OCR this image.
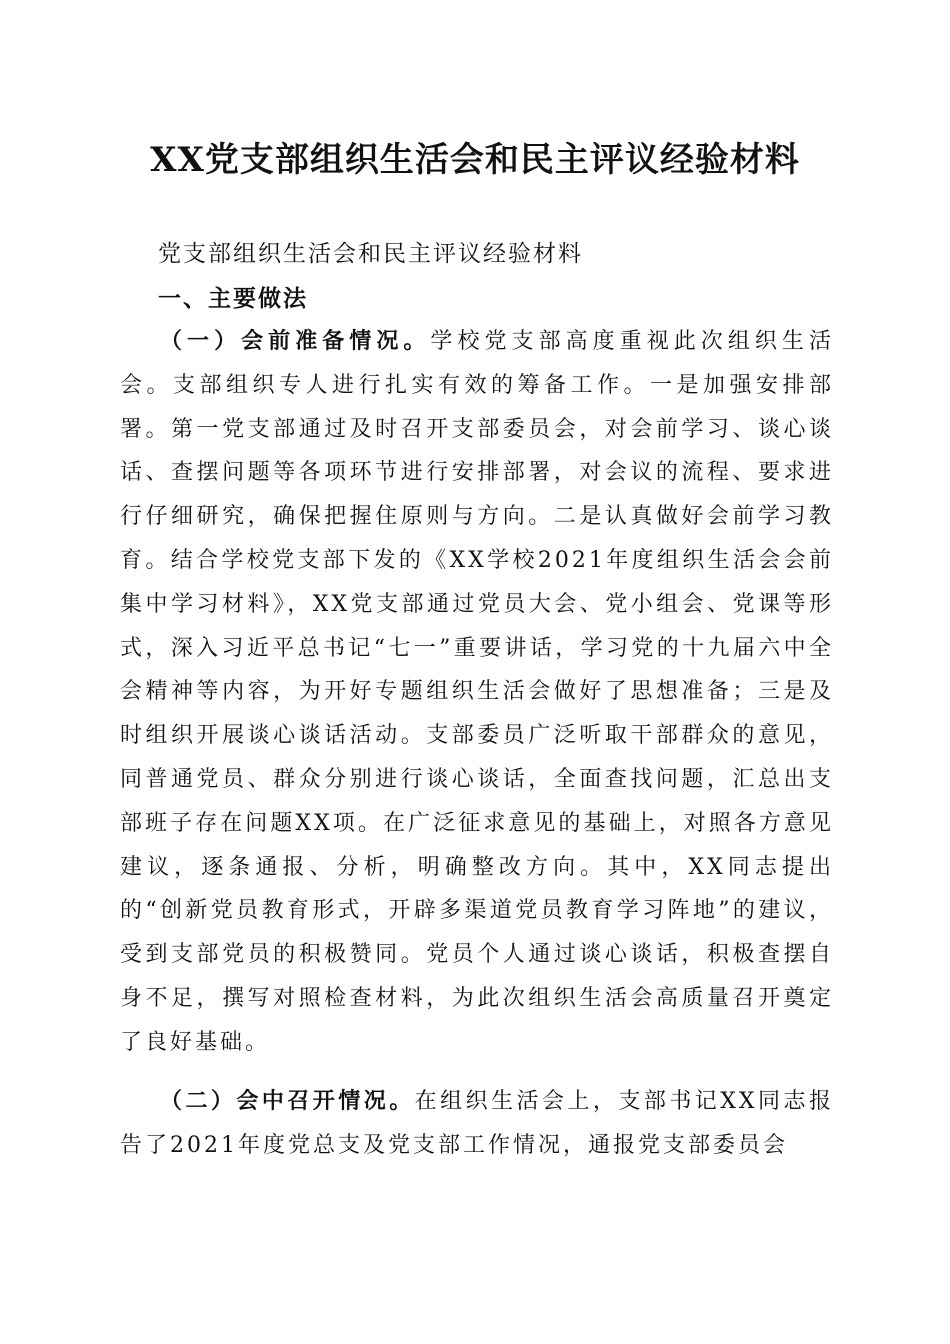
XX党支部组织生活会和民主评议经验材料
党支部组织生活会和民主评议经验材料
一、主要做法

（一）会前准备情况。学校党支部高度重视此次组织生活会。支部组织专人进行扎实有效的筹备工作。一是加强安排部署。第一党支部通过及时召开支部委员会，对会前学习、谈心谈话、查摆问题等各项环节进行安排部署，对会议的流程、要求进行仔细研究，确保把握住原则与方向。二是认真做好会前学习教育。结合学校党支部下发的《XX学校2021年度组织生活会会前集中学习材料》，XX党支部通过党员大会、党小组会、党课等形式，深入习近平总书记“七一”重要讲话，学习党的十九届六中全会精神等内容，为开好专题组织生活会做好了思想准备；三是及时组织开展谈心谈话活动。支部委员广泛听取干部群众的意见，同普通党员、群众分别进行谈心谈话，全面查找问题，汇总出支部班子存在问题XX项。在广泛征求意见的基础上，对照各方意见建议，逐条通报、分析，明确整改方向。其中，XX同志提出的“创新党员教育形式，开辟多渠道党员教育学习阵地”的建议，受到支部党员的积极赞同。党员个人通过谈心谈话，积极查摆自身不足，撰写对照检查材料，为此次组织生活会高质量召开奠定了良好基础。

（二）会中召开情况。在组织生活会上，支部书记XX同志报告了2021年度党总支及党支部工作情况，通报党支部委员会
